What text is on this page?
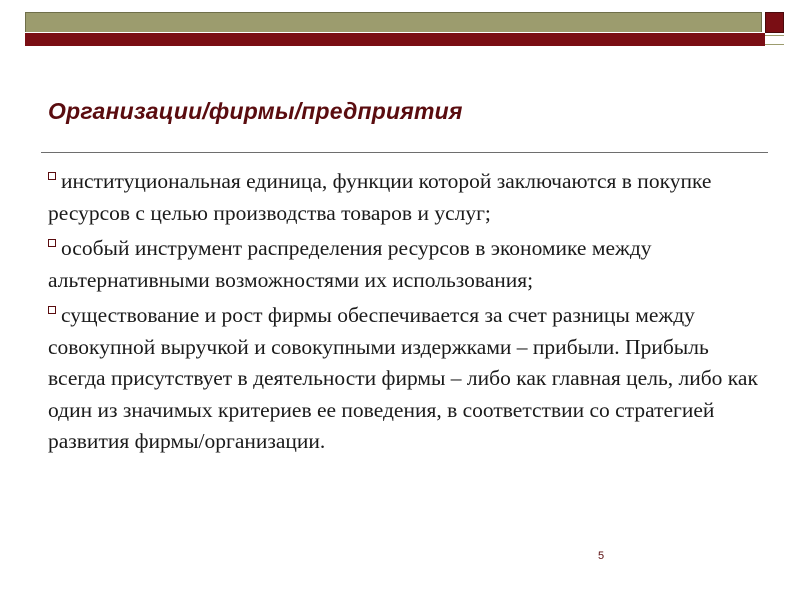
Организации/фирмы/предприятия
институциональная единица, функции которой заключаются в покупке ресурсов с целью производства товаров и услуг;
особый инструмент распределения ресурсов в экономике между альтернативными возможностями их использования;
существование и рост фирмы обеспечивается за счет разницы между совокупной выручкой и совокупными издержками – прибыли. Прибыль всегда присутствует в деятельности фирмы – либо как главная цель, либо как один из значимых критериев ее поведения, в соответствии со стратегией развития фирмы/организации.
5
